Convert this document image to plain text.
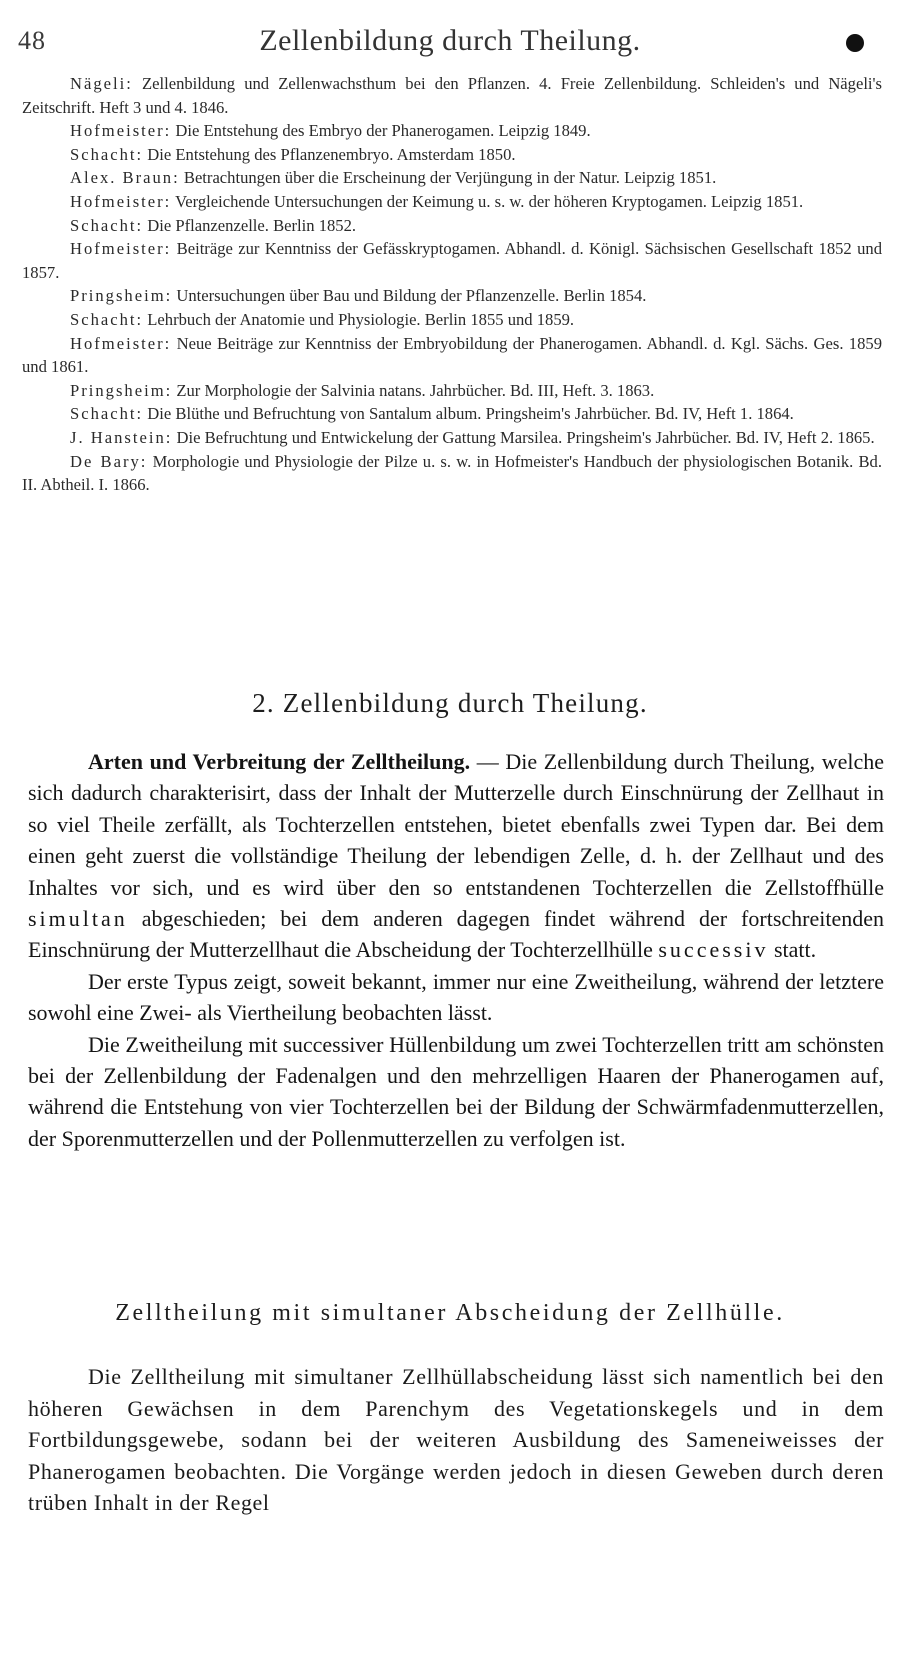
48	Zellenbildung durch Theilung.

Nägeli: Zellenbildung und Zellenwachsthum bei den Pflanzen. 4. Freie Zellenbildung. Schleiden's und Nägeli's Zeitschrift. Heft 3 und 4. 1846.

Hofmeister: Die Entstehung des Embryo der Phanerogamen. Leipzig 1849.

Schacht: Die Entstehung des Pflanzenembryo. Amsterdam 1850.

Alex. Braun: Betrachtungen über die Erscheinung der Verjüngung in der Natur. Leipzig 1851.

Hofmeister: Vergleichende Untersuchungen der Keimung u. s. w. der höheren Kryptogamen. Leipzig 1851.

Schacht: Die Pflanzenzelle. Berlin 1852.

Hofmeister: Beiträge zur Kenntniss der Gefässkryptogamen. Abhandl. d. Königl. Sächsischen Gesellschaft 1852 und 1857.

Pringsheim: Untersuchungen über Bau und Bildung der Pflanzenzelle. Berlin 1854.

Schacht: Lehrbuch der Anatomie und Physiologie. Berlin 1855 und 1859.

Hofmeister: Neue Beiträge zur Kenntniss der Embryobildung der Phanerogamen. Abhandl. d. Kgl. Sächs. Ges. 1859 und 1861.

Pringsheim: Zur Morphologie der Salvinia natans. Jahrbücher. Bd. III, Heft. 3. 1863.

Schacht: Die Blüthe und Befruchtung von Santalum album. Pringsheim's Jahrbücher. Bd. IV, Heft 1. 1864.

J. Hanstein: Die Befruchtung und Entwickelung der Gattung Marsilea. Pringsheim's Jahrbücher. Bd. IV, Heft 2. 1865.

De Bary: Morphologie und Physiologie der Pilze u. s. w. in Hofmeister's Handbuch der physiologischen Botanik. Bd. II. Abtheil. I. 1866.

2. Zellenbildung durch Theilung.

Arten und Verbreitung der Zelltheilung. — Die Zellenbildung durch Theilung, welche sich dadurch charakterisirt, dass der Inhalt der Mutterzelle durch Einschnürung der Zellhaut in so viel Theile zerfällt, als Tochterzellen entstehen, bietet ebenfalls zwei Typen dar. Bei dem einen geht zuerst die vollständige Theilung der lebendigen Zelle, d. h. der Zellhaut und des Inhaltes vor sich, und es wird über den so entstandenen Tochterzellen die Zellstoffhülle simultan abgeschieden; bei dem anderen dagegen findet während der fortschreitenden Einschnürung der Mutterzellhaut die Abscheidung der Tochterzellhülle successiv statt.

Der erste Typus zeigt, soweit bekannt, immer nur eine Zweitheilung, während der letztere sowohl eine Zwei- als Viertheilung beobachten lässt.

Die Zweitheilung mit successiver Hüllenbildung um zwei Tochterzellen tritt am schönsten bei der Zellenbildung der Fadenalgen und den mehrzelligen Haaren der Phanerogamen auf, während die Entstehung von vier Tochterzellen bei der Bildung der Schwärmfadenmutterzellen, der Sporenmutterzellen und der Pollenmutterzellen zu verfolgen ist.

Zelltheilung mit simultaner Abscheidung der Zellhülle.

Die Zelltheilung mit simultaner Zellhüllabscheidung lässt sich namentlich bei den höheren Gewächsen in dem Parenchym des Vegetationskegels und in dem Fortbildungsgewebe, sodann bei der weiteren Ausbildung des Sameneiweisses der Phanerogamen beobachten. Die Vorgänge werden jedoch in diesen Geweben durch deren trüben Inhalt in der Regel
